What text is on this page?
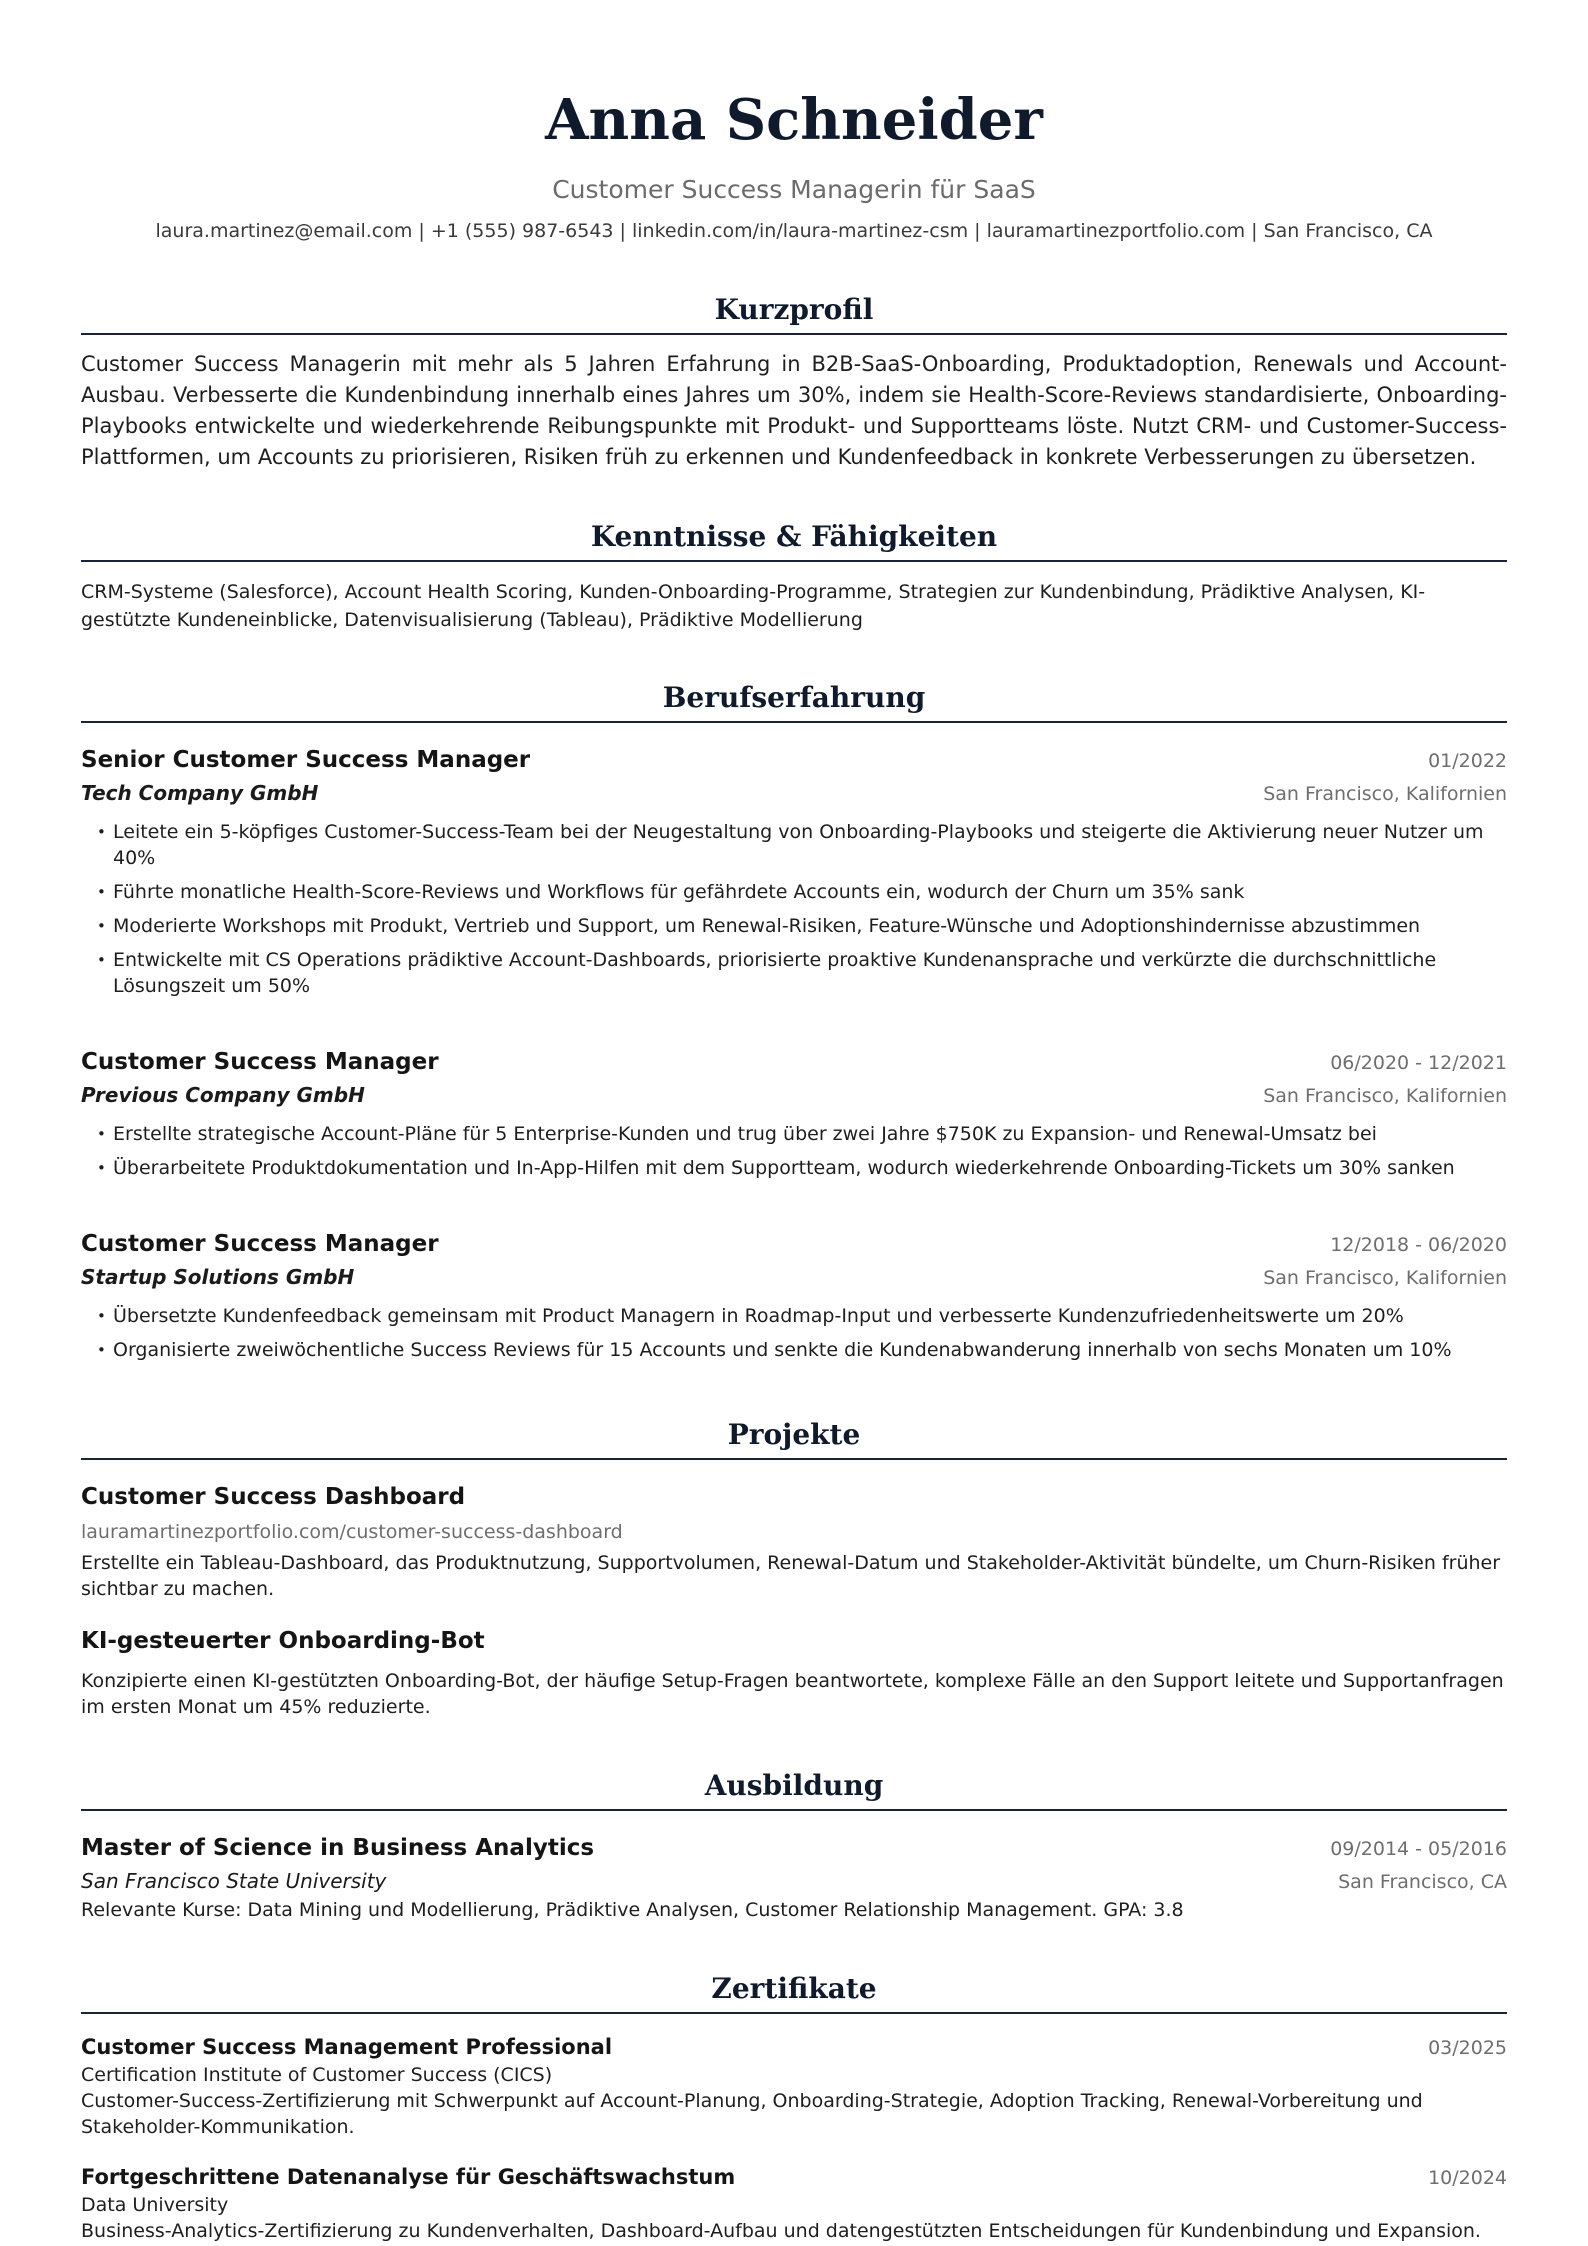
Anna Schneider
Customer Success Managerin für SaaS
laura.martinez@email.com | +1 (555) 987-6543 | linkedin.com/in/laura-martinez-csm | lauramartinezportfolio.com | San Francisco, CA
Kurzprofil
Customer Success Managerin mit mehr als 5 Jahren Erfahrung in B2B-SaaS-Onboarding, Produktadoption, Renewals und Account-Ausbau. Verbesserte die Kundenbindung innerhalb eines Jahres um 30%, indem sie Health-Score-Reviews standardisierte, Onboarding-Playbooks entwickelte und wiederkehrende Reibungspunkte mit Produkt- und Supportteams löste. Nutzt CRM- und Customer-Success-Plattformen, um Accounts zu priorisieren, Risiken früh zu erkennen und Kundenfeedback in konkrete Verbesserungen zu übersetzen.
Kenntnisse & Fähigkeiten
CRM-Systeme (Salesforce), Account Health Scoring, Kunden-Onboarding-Programme, Strategien zur Kundenbindung, Prädiktive Analysen, KI-gestützte Kundeneinblicke, Datenvisualisierung (Tableau), Prädiktive Modellierung
Berufserfahrung
Senior Customer Success Manager	01/2022
Tech Company GmbH	San Francisco, Kalifornien
• Leitete ein 5-köpfiges Customer-Success-Team bei der Neugestaltung von Onboarding-Playbooks und steigerte die Aktivierung neuer Nutzer um 40%
• Führte monatliche Health-Score-Reviews und Workflows für gefährdete Accounts ein, wodurch der Churn um 35% sank
• Moderierte Workshops mit Produkt, Vertrieb und Support, um Renewal-Risiken, Feature-Wünsche und Adoptionshindernisse abzustimmen
• Entwickelte mit CS Operations prädiktive Account-Dashboards, priorisierte proaktive Kundenansprache und verkürzte die durchschnittliche Lösungszeit um 50%
Customer Success Manager	06/2020 - 12/2021
Previous Company GmbH	San Francisco, Kalifornien
• Erstellte strategische Account-Pläne für 5 Enterprise-Kunden und trug über zwei Jahre $750K zu Expansion- und Renewal-Umsatz bei
• Überarbeitete Produktdokumentation und In-App-Hilfen mit dem Supportteam, wodurch wiederkehrende Onboarding-Tickets um 30% sanken
Customer Success Manager	12/2018 - 06/2020
Startup Solutions GmbH	San Francisco, Kalifornien
• Übersetzte Kundenfeedback gemeinsam mit Product Managern in Roadmap-Input und verbesserte Kundenzufriedenheitswerte um 20%
• Organisierte zweiwöchentliche Success Reviews für 15 Accounts und senkte die Kundenabwanderung innerhalb von sechs Monaten um 10%
Projekte
Customer Success Dashboard
lauramartinezportfolio.com/customer-success-dashboard
Erstellte ein Tableau-Dashboard, das Produktnutzung, Supportvolumen, Renewal-Datum und Stakeholder-Aktivität bündelte, um Churn-Risiken früher sichtbar zu machen.
KI-gesteuerter Onboarding-Bot
Konzipierte einen KI-gestützten Onboarding-Bot, der häufige Setup-Fragen beantwortete, komplexe Fälle an den Support leitete und Supportanfragen im ersten Monat um 45% reduzierte.
Ausbildung
Master of Science in Business Analytics	09/2014 - 05/2016
San Francisco State University	San Francisco, CA
Relevante Kurse: Data Mining und Modellierung, Prädiktive Analysen, Customer Relationship Management. GPA: 3.8
Zertifikate
Customer Success Management Professional	03/2025
Certification Institute of Customer Success (CICS)
Customer-Success-Zertifizierung mit Schwerpunkt auf Account-Planung, Onboarding-Strategie, Adoption Tracking, Renewal-Vorbereitung und Stakeholder-Kommunikation.
Fortgeschrittene Datenanalyse für Geschäftswachstum	10/2024
Data University
Business-Analytics-Zertifizierung zu Kundenverhalten, Dashboard-Aufbau und datengestützten Entscheidungen für Kundenbindung und Expansion.
